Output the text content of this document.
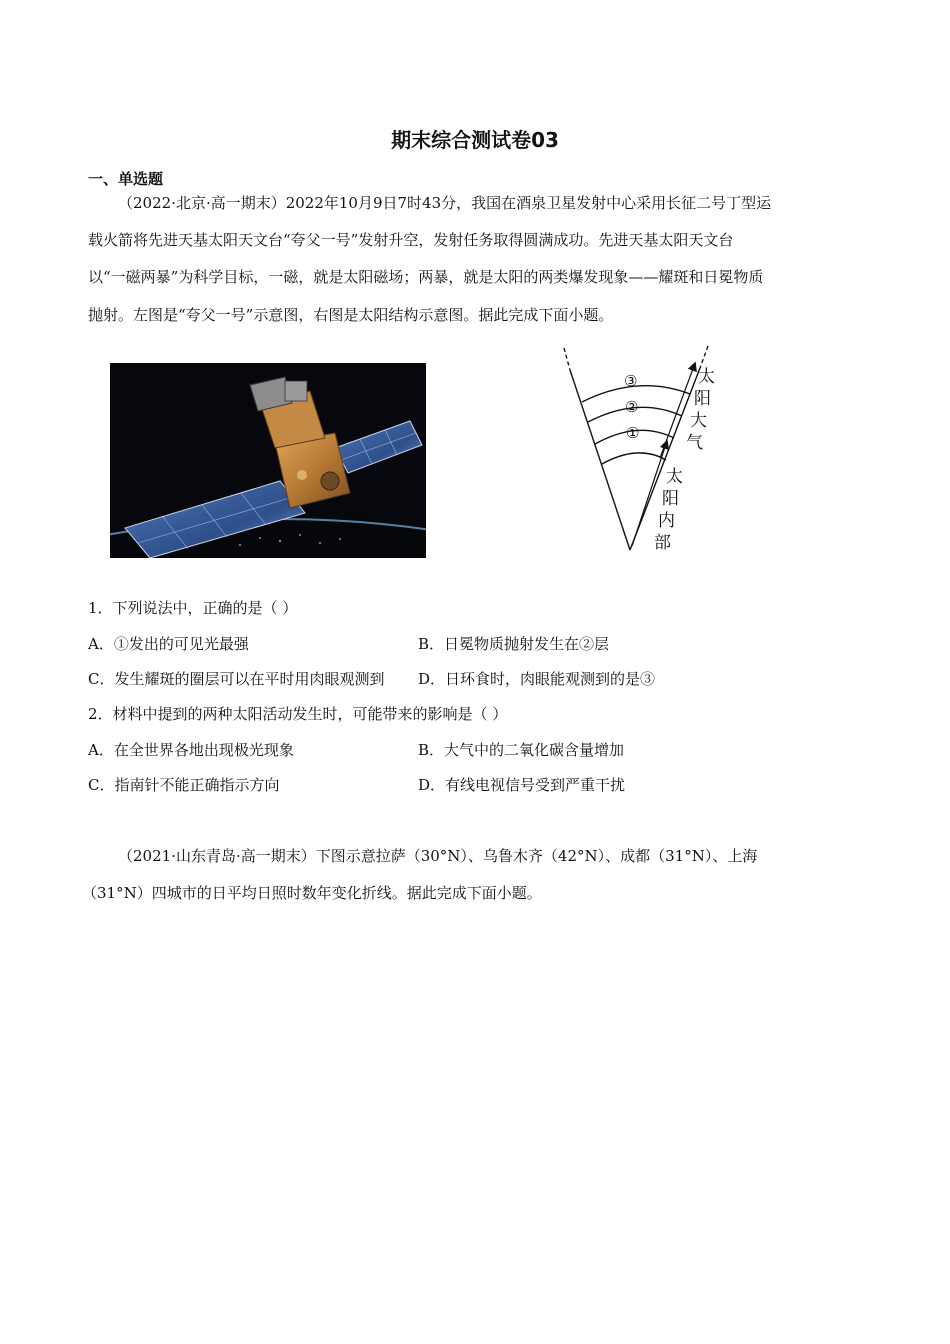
期末综合测试卷03
一、单选题
（2022·北京·高一期末）2022年10月9日7时43分，我国在酒泉卫星发射中心采用长征二号丁型运
载火箭将先进天基太阳天文台“夸父一号”发射升空，发射任务取得圆满成功。先进天基太阳天文台
以“一磁两暴”为科学目标，一磁，就是太阳磁场；两暴，就是太阳的两类爆发现象——耀斑和日冕物质
抛射。左图是“夸父一号”示意图，右图是太阳结构示意图。据此完成下面小题。
③
②
①
太
阳
大
气
太
阳
内
部
1．下列说法中，正确的是（ ）
A．①发出的可见光最强	B．日冕物质抛射发生在②层
C．发生耀斑的圈层可以在平时用肉眼观测到 D．日环食时，肉眼能观测到的是③
2．材料中提到的两种太阳活动发生时，可能带来的影响是（ ）
A．在全世界各地出现极光现象	B．大气中的二氧化碳含量增加
C．指南针不能正确指示方向	D．有线电视信号受到严重干扰
（2021·山东青岛·高一期末）下图示意拉萨（30°N）、乌鲁木齐（42°N）、成都（31°N）、上海
（31°N）四城市的日平均日照时数年变化折线。据此完成下面小题。
